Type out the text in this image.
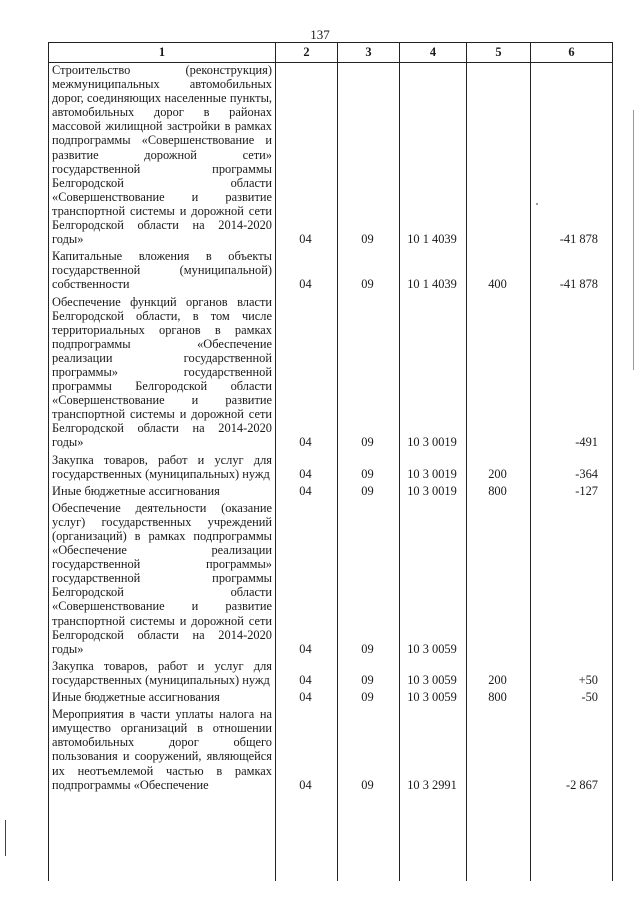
137
1	2	3	4	5	6
Строительство (реконструкция) межмуниципальных автомобильных дорог, соединяющих населенные пункты, автомобильных дорог в районах массовой жилищной застройки в рамках подпрограммы «Совершенствование и развитие дорожной сети» государственной программы Белгородской области «Совершенствование и развитие транспортной системы и дорожной сети Белгородской области на 2014-2020 годы»	04	09	10 1 4039		-41 878
Капитальные вложения в объекты государственной (муниципальной) собственности	04	09	10 1 4039	400	-41 878
Обеспечение функций органов власти Белгородской области, в том числе территориальных органов в рамках подпрограммы «Обеспечение реализации государственной программы» государственной программы Белгородской области «Совершенствование и развитие транспортной системы и дорожной сети Белгородской области на 2014-2020 годы»	04	09	10 3 0019		-491
Закупка товаров, работ и услуг для государственных (муниципальных) нужд	04	09	10 3 0019	200	-364
Иные бюджетные ассигнования	04	09	10 3 0019	800	-127
Обеспечение деятельности (оказание услуг) государственных учреждений (организаций) в рамках подпрограммы «Обеспечение реализации государственной программы» государственной программы Белгородской области «Совершенствование и развитие транспортной системы и дорожной сети Белгородской области на 2014-2020 годы»	04	09	10 3 0059		
Закупка товаров, работ и услуг для государственных (муниципальных) нужд	04	09	10 3 0059	200	+50
Иные бюджетные ассигнования	04	09	10 3 0059	800	-50
Мероприятия в части уплаты налога на имущество организаций в отношении автомобильных дорог общего пользования и сооружений, являющейся их неотъемлемой частью в рамках подпрограммы «Обеспечение	04	09	10 3 2991		-2 867
